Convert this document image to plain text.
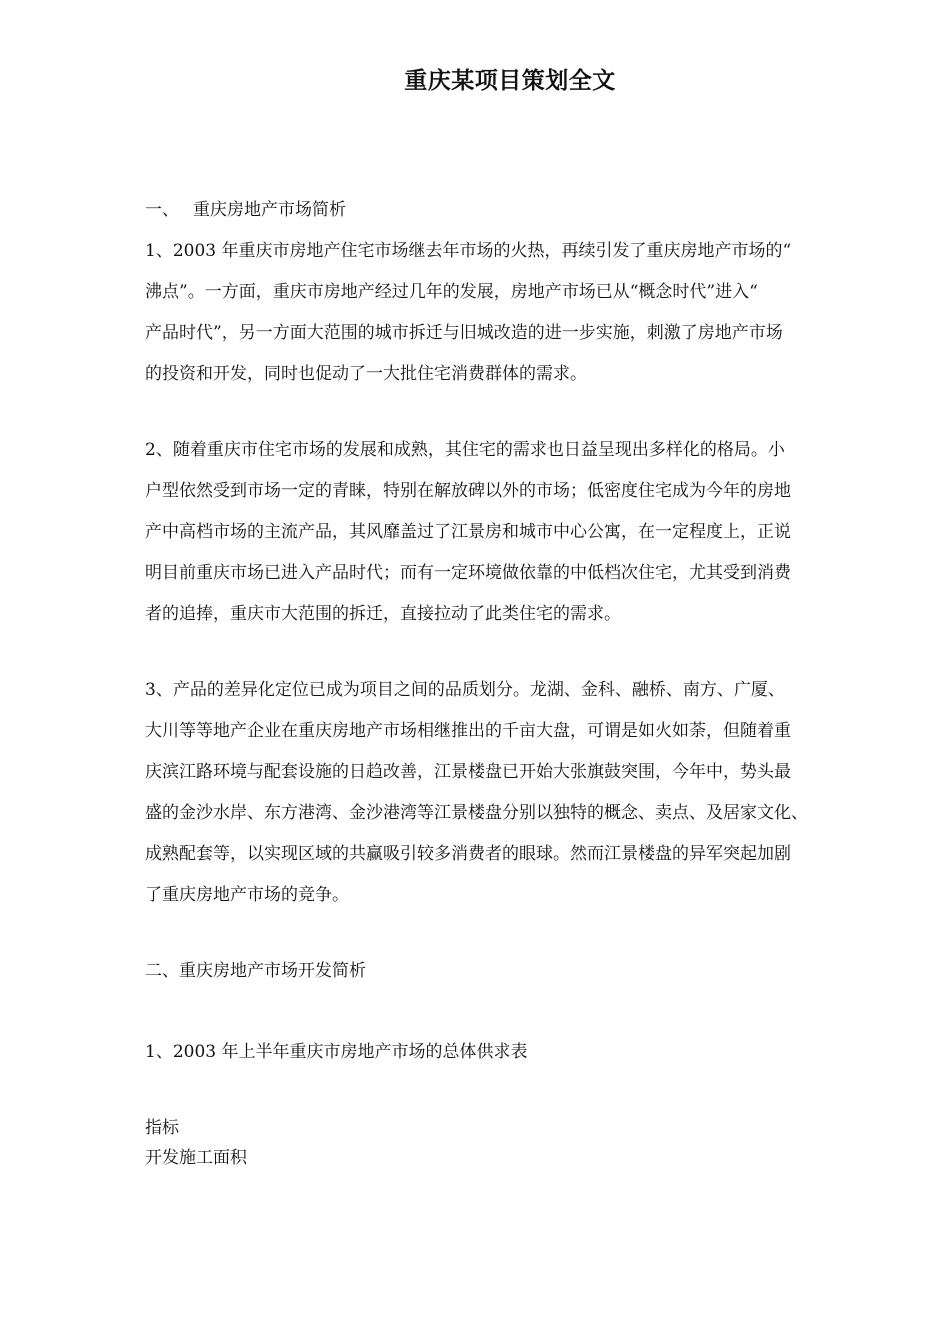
重庆某项目策划全文

一、 重庆房地产市场简析

1、2003 年重庆市房地产住宅市场继去年市场的火热，再续引发了重庆房地产市场的“

沸点”。一方面，重庆市房地产经过几年的发展，房地产市场已从“概念时代”进入“

产品时代”，另一方面大范围的城市拆迁与旧城改造的进一步实施，刺激了房地产市场

的投资和开发，同时也促动了一大批住宅消费群体的需求。

2、随着重庆市住宅市场的发展和成熟，其住宅的需求也日益呈现出多样化的格局。小

户型依然受到市场一定的青睐，特别在解放碑以外的市场；低密度住宅成为今年的房地

产中高档市场的主流产品，其风靡盖过了江景房和城市中心公寓，在一定程度上，正说

明目前重庆市场已进入产品时代；而有一定环境做依靠的中低档次住宅，尤其受到消费

者的追捧，重庆市大范围的拆迁，直接拉动了此类住宅的需求。

3、产品的差异化定位已成为项目之间的品质划分。龙湖、金科、融桥、南方、广厦、

大川等等地产企业在重庆房地产市场相继推出的千亩大盘，可谓是如火如荼，但随着重

庆滨江路环境与配套设施的日趋改善，江景楼盘已开始大张旗鼓突围，今年中，势头最

盛的金沙水岸、东方港湾、金沙港湾等江景楼盘分别以独特的概念、卖点、及居家文化、

成熟配套等，以实现区域的共赢吸引较多消费者的眼球。然而江景楼盘的异军突起加剧

了重庆房地产市场的竞争。

二、重庆房地产市场开发简析

1、2003 年上半年重庆市房地产市场的总体供求表

指标

开发施工面积
